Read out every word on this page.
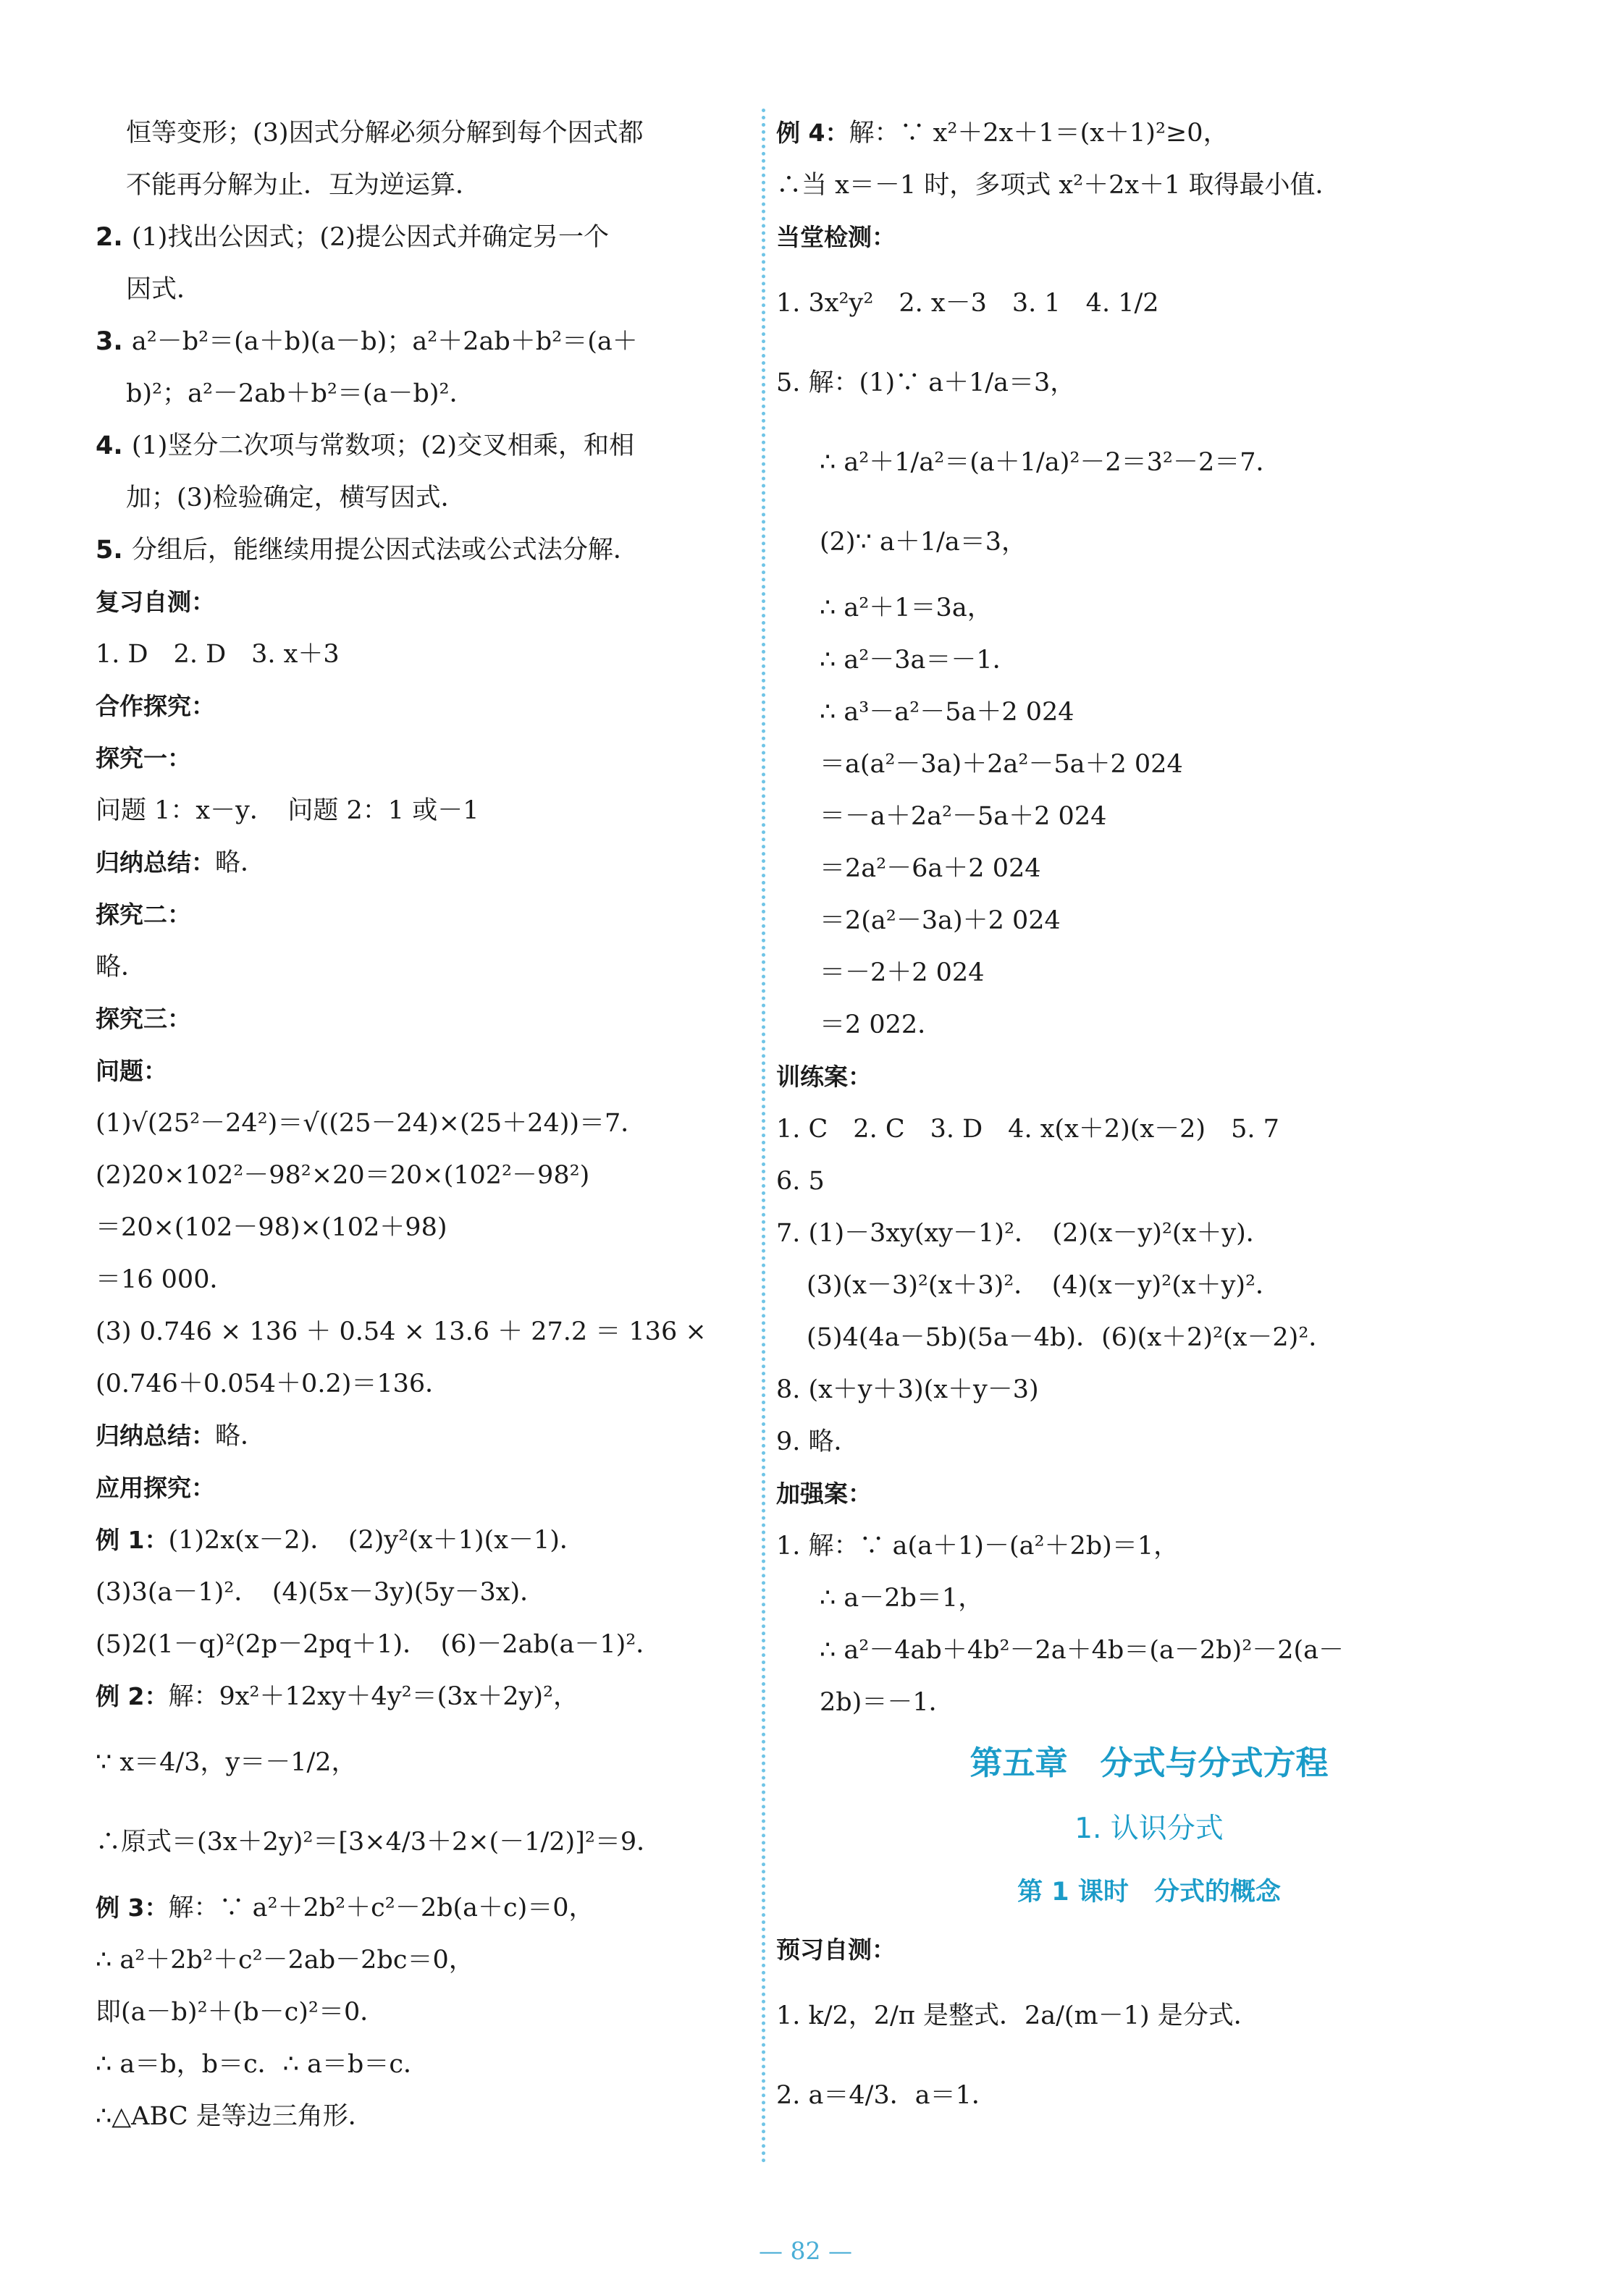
恒等变形；(3)因式分解必须分解到每个因式都
不能再分解为止．互为逆运算．
2. (1)找出公因式；(2)提公因式并确定另一个
因式．
3. a²－b²＝(a＋b)(a－b)；a²＋2ab＋b²＝(a＋
b)²；a²－2ab＋b²＝(a－b)²．
4. (1)竖分二次项与常数项；(2)交叉相乘，和相
加；(3)检验确定，横写因式．
5. 分组后，能继续用提公因式法或公式法分解．
复习自测：
1. D　2. D　3. x＋3
合作探究：
探究一：
问题 1：x－y．　问题 2：1 或－1
归纳总结：略．
探究二：
略．
探究三：
问题：
(1)√(25²－24²)＝√((25－24)×(25＋24))＝7．
(2)20×102²－98²×20＝20×(102²－98²)
＝20×(102－98)×(102＋98)
＝16 000．
(3) 0.746 × 136 ＋ 0.54 × 13.6 ＋ 27.2 ＝ 136 ×
(0.746＋0.054＋0.2)＝136．
归纳总结：略．
应用探究：
例 1：(1)2x(x－2)．　(2)y²(x＋1)(x－1)．
(3)3(a－1)²．　(4)(5x－3y)(5y－3x)．
(5)2(1－q)²(2p－2pq＋1)．　(6)－2ab(a－1)²．
例 2：解：9x²＋12xy＋4y²＝(3x＋2y)²，
∵ x＝4/3，y＝－1/2，
∴原式＝(3x＋2y)²＝[3×4/3＋2×(－1/2)]²＝9．
例 3：解：∵ a²＋2b²＋c²－2b(a＋c)＝0，
∴ a²＋2b²＋c²－2ab－2bc＝0，
即(a－b)²＋(b－c)²＝0．
∴ a＝b，b＝c．∴ a＝b＝c．
∴△ABC 是等边三角形．
例 4：解：∵ x²＋2x＋1＝(x＋1)²≥0，
∴当 x＝－1 时，多项式 x²＋2x＋1 取得最小值．
当堂检测：
1. 3x²y²　2. x－3　3. 1　4. 1/2
5. 解：(1)∵ a＋1/a＝3，
∴ a²＋1/a²＝(a＋1/a)²－2＝3²－2＝7．
(2)∵ a＋1/a＝3，
∴ a²＋1＝3a，
∴ a²－3a＝－1．
∴ a³－a²－5a＋2 024
＝a(a²－3a)＋2a²－5a＋2 024
＝－a＋2a²－5a＋2 024
＝2a²－6a＋2 024
＝2(a²－3a)＋2 024
＝－2＋2 024
＝2 022．
训练案：
1. C　2. C　3. D　4. x(x＋2)(x－2)　5. 7
6. 5
7. (1)－3xy(xy－1)²．　(2)(x－y)²(x＋y)．
(3)(x－3)²(x＋3)²．　(4)(x－y)²(x＋y)²．
(5)4(4a－5b)(5a－4b)．(6)(x＋2)²(x－2)²．
8. (x＋y＋3)(x＋y－3)
9. 略．
加强案：
1. 解：∵ a(a＋1)－(a²＋2b)＝1，
∴ a－2b＝1，
∴ a²－4ab＋4b²－2a＋4b＝(a－2b)²－2(a－
2b)＝－1．
第五章　分式与分式方程
1. 认识分式
第 1 课时　分式的概念
预习自测：
1. k/2，2/π 是整式．2a/(m－1) 是分式．
2. a＝4/3．a＝1．
— 82 —
